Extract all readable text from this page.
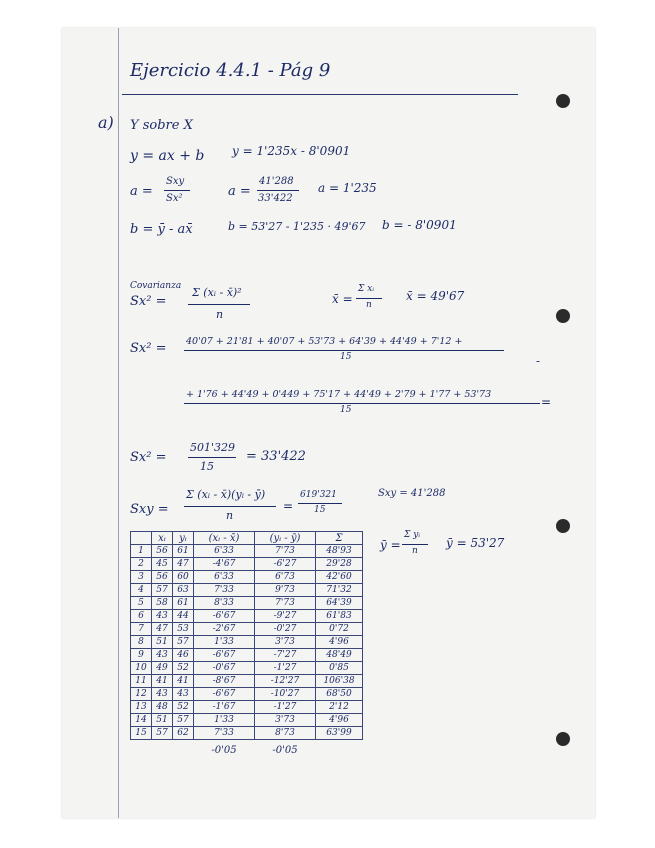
Ejercicio 4.4.1 - Pág 9
a) Y sobre X
y = ax + b y = 1'235x - 8'0901
a =
Sxy
Sx²	a =
41'288
33'422
a = 1'235
b = ȳ - ax̄	b = 53'27 - 1'235 · 49'67 b = - 8'0901
Covarianza
Sx² =
Σ (xᵢ - x̄)²
n
x̄ =
Σ xᵢ
n
x̄ = 49'67
Sx² = 40'07 + 21'81 + 40'07 + 53'73 + 64'39 + 44'49 + 7'12 +
15	-
+ 1'76 + 44'49 + 0'449 + 75'17 + 44'49 + 2'79 + 1'77 + 53'73
15
=
Sx² =
501'329
15
= 33'422
Sxy =
Σ (xᵢ - x̄)(yᵢ - ȳ)
n
=
619'321
15
Sxy = 41'288
ȳ =
Σ yᵢ
n
ȳ = 53'27
	xᵢ	yᵢ	(xᵢ - x̄)	(yᵢ - ȳ)	Σ
1	56	61	6'33	7'73	48'93
2	45	47	-4'67	-6'27	29'28
3	56	60	6'33	6'73	42'60
4	57	63	7'33	9'73	71'32
5	58	61	8'33	7'73	64'39
6	43	44	-6'67	-9'27	61'83
7	47	53	-2'67	-0'27	0'72
8	51	57	1'33	3'73	4'96
9	43	46	-6'67	-7'27	48'49
10	49	52	-0'67	-1'27	0'85
11	41	41	-8'67	-12'27	106'38
12	43	43	-6'67	-10'27	68'50
13	48	52	-1'67	-1'27	2'12
14	51	57	1'33	3'73	4'96
15	57	62	7'33	8'73	63'99
			-0'05	-0'05	
